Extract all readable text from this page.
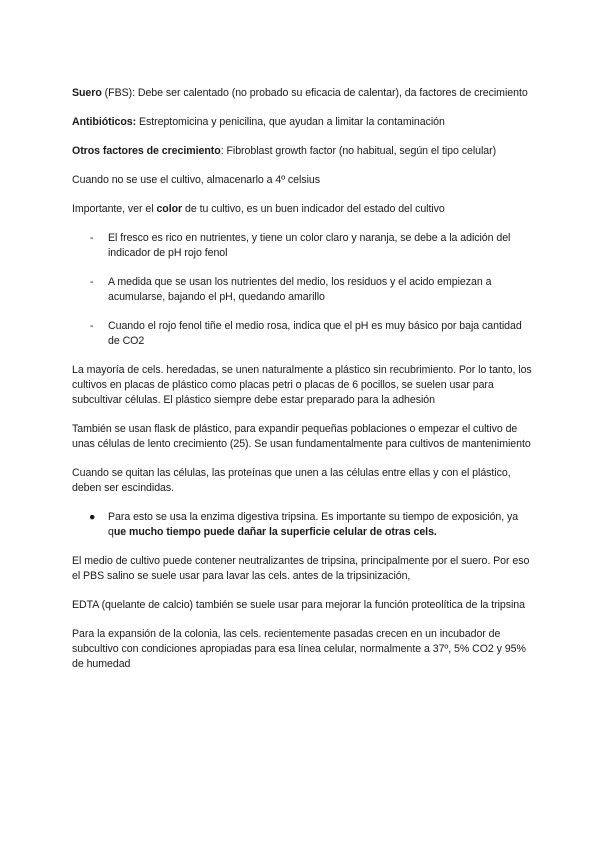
Suero (FBS): Debe ser calentado (no probado su eficacia de calentar), da factores de crecimiento

Antibióticos: Estreptomicina y penicilina, que ayudan a limitar la contaminación

Otros factores de crecimiento: Fibroblast growth factor (no habitual, según el tipo celular)

Cuando no se use el cultivo, almacenarlo a 4º celsius

Importante, ver el color de tu cultivo, es un buen indicador del estado del cultivo

- El fresco es rico en nutrientes, y tiene un color claro y naranja, se debe a la adición del indicador de pH rojo fenol
- A medida que se usan los nutrientes del medio, los residuos y el acido empiezan a acumularse, bajando el pH, quedando amarillo
- Cuando el rojo fenol tiñe el medio rosa, indica que el pH es muy básico por baja cantidad de CO2

La mayoría de cels. heredadas, se unen naturalmente a plástico sin recubrimiento. Por lo tanto, los cultivos en placas de plástico como placas petri o placas de 6 pocillos, se suelen usar para subcultivar células. El plástico siempre debe estar preparado para la adhesión

También se usan flask de plástico, para expandir pequeñas poblaciones o empezar el cultivo de unas células de lento crecimiento (25). Se usan fundamentalmente para cultivos de mantenimiento

Cuando se quitan las células, las proteínas que unen a las células entre ellas y con el plástico, deben ser escindidas.

● Para esto se usa la enzima digestiva tripsina. Es importante su tiempo de exposición, ya que mucho tiempo puede dañar la superficie celular de otras cels.

El medio de cultivo puede contener neutralizantes de tripsina, principalmente por el suero. Por eso el PBS salino se suele usar para lavar las cels. antes de la tripsinización,

EDTA (quelante de calcio) también se suele usar para mejorar la función proteolítica de la tripsina

Para la expansión de la colonia, las cels. recientemente pasadas crecen en un incubador de subcultivo con condiciones apropiadas para esa línea celular, normalmente a 37º, 5% CO2 y 95% de humedad
